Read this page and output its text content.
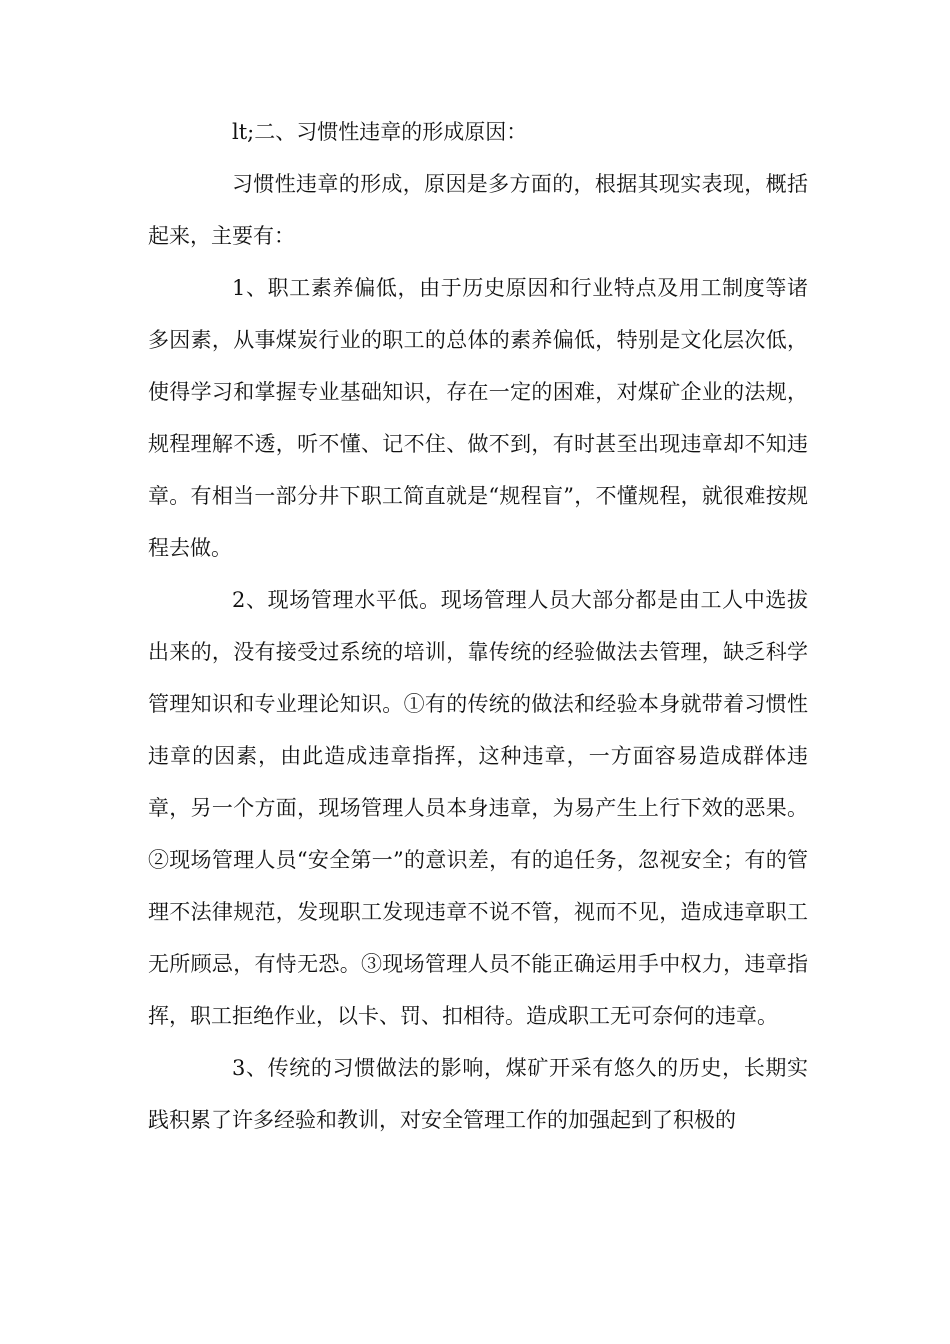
lt;二、习惯性违章的形成原因：

习惯性违章的形成，原因是多方面的，根据其现实表现，概括起来，主要有：

1、职工素养偏低，由于历史原因和行业特点及用工制度等诸多因素，从事煤炭行业的职工的总体的素养偏低，特别是文化层次低，使得学习和掌握专业基础知识，存在一定的困难，对煤矿企业的法规，规程理解不透，听不懂、记不住、做不到，有时甚至出现违章却不知违章。有相当一部分井下职工简直就是“规程盲”，不懂规程，就很难按规程去做。

2、现场管理水平低。现场管理人员大部分都是由工人中选拔出来的，没有接受过系统的培训，靠传统的经验做法去管理，缺乏科学管理知识和专业理论知识。①有的传统的做法和经验本身就带着习惯性违章的因素，由此造成违章指挥，这种违章，一方面容易造成群体违章，另一个方面，现场管理人员本身违章，为易产生上行下效的恶果。②现场管理人员“安全第一”的意识差，有的追任务，忽视安全；有的管理不法律规范，发现职工发现违章不说不管，视而不见，造成违章职工无所顾忌，有恃无恐。③现场管理人员不能正确运用手中权力，违章指挥，职工拒绝作业，以卡、罚、扣相待。造成职工无可奈何的违章。

3、传统的习惯做法的影响，煤矿开采有悠久的历史，长期实践积累了许多经验和教训，对安全管理工作的加强起到了积极的
